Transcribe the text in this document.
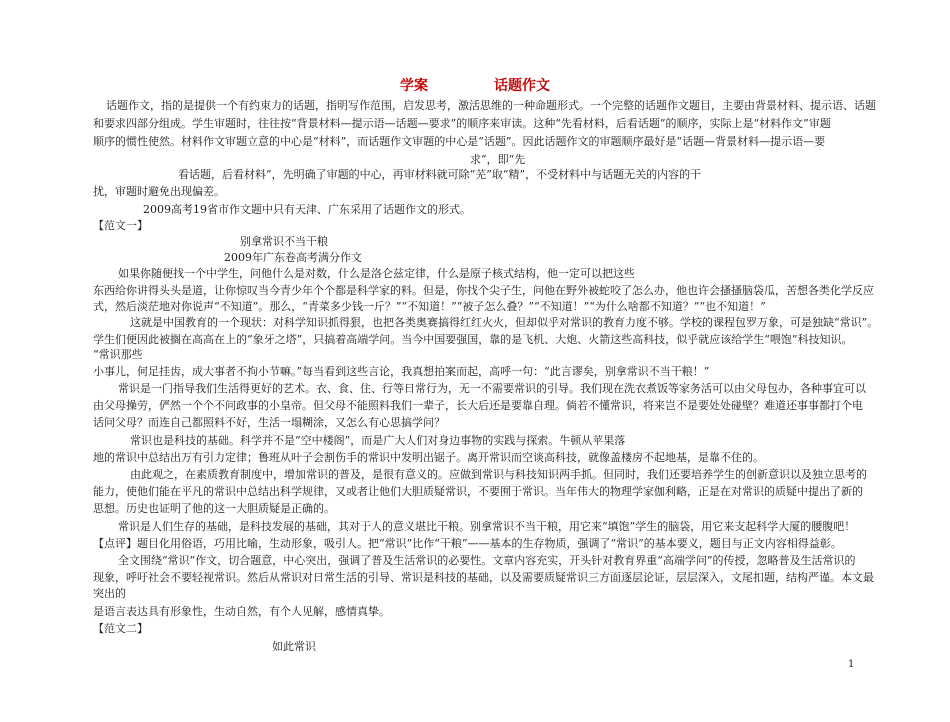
学案	话题作文
话题作文，指的是提供一个有约束力的话题，指明写作范围，启发思考，激活思维的一种命题形式。一个完整的话题作文题目，主要由背景材料、提示语、话题
和要求四部分组成。学生审题时，往往按“背景材料—提示语—话题—要求”的顺序来审读。这种“先看材料，后看话题”的顺序，实际上是“材料作文”审题
顺序的惯性使然。材料作文审题立意的中心是“材料”，而话题作文审题的中心是“话题”。因此话题作文的审题顺序最好是“话题—背景材料—提示语—要
求”，即“先
看话题，后看材料”，先明确了审题的中心，再审材料就可除“芜”取“精”，不受材料中与话题无关的内容的干
扰，审题时避免出现偏差。
2009高考19省市作文题中只有天津、广东采用了话题作文的形式。
【范文一】
别拿常识不当干粮
2009年广东卷高考满分作文
如果你随便找一个中学生，问他什么是对数，什么是洛仑兹定律，什么是原子核式结构，他一定可以把这些
东西给你讲得头头是道，让你惊叹当今青少年个个都是科学家的料。但是，你找个尖子生，问他在野外被蛇咬了怎么办，他也许会搔搔脑袋瓜，苦想各类化学反应
式，然后淡茫地对你说声“不知道”。那么，“青菜多少钱一斤？”“不知道！”“被子怎么叠？”“不知道！”“为什么啥都不知道？”“也不知道！”
这就是中国教育的一个现状：对科学知识抓得狠，也把各类奥赛搞得红红火火，但却似乎对常识的教育力度不够。学校的课程包罗万象，可是独缺“常识”。
学生们便因此被搁在高高在上的“象牙之塔”，只搞着高端学问。当今中国要强国，靠的是飞机、大炮、火箭这些高科技，似乎就应该给学生“喂饱”科技知识。
“常识那些
小事儿，何足挂齿，成大事者不拘小节嘛。”每当看到这些言论，我真想拍案而起，高呼一句：“此言谬矣，别拿常识不当干粮！”
常识是一门指导我们生活得更好的艺术。衣、食、住、行等日常行为，无一不需要常识的引导。我们现在洗衣煮饭等家务活可以由父母包办，各种事宜可以
由父母操劳，俨然一个个不问政事的小皇帝。但父母不能照料我们一辈子，长大后还是要靠自理。倘若不懂常识，将来岂不是要处处碰壁？难道还事事都打个电
话问父母？而连自己都照料不好，生活一塌糊涂，又怎么有心思搞学问？
常识也是科技的基础。科学并不是“空中楼阁”，而是广大人们对身边事物的实践与探索。牛顿从苹果落
地的常识中总结出万有引力定律；鲁班从叶子会割伤手的常识中发明出锯子。离开常识而空谈高科技，就像盖楼房不起地基，是靠不住的。
由此观之，在素质教育制度中，增加常识的普及，是很有意义的。应做到常识与科技知识两手抓。但同时，我们还要培养学生的创新意识以及独立思考的
能力，使他们能在平凡的常识中总结出科学规律，又或者让他们大胆质疑常识，不要囿于常识。当年伟大的物理学家伽利略，正是在对常识的质疑中提出了新的
思想。历史也证明了他的这一大胆质疑是正确的。
常识是人们生存的基础，是科技发展的基础，其对于人的意义堪比干粮。别拿常识不当干粮，用它来“填饱”学生的脑袋，用它来支起科学大厦的腰腹吧！
【点评】题目化用俗语，巧用比喻，生动形象，吸引人。把“常识”比作“干粮”——基本的生存物质，强调了“常识”的基本要义，题目与正文内容相得益彰。
全文围绕“常识”作文，切合题意，中心突出，强调了普及生活常识的必要性。文章内容充实，开头针对教育界重“高端学问”的传授，忽略普及生活常识的
现象，呼吁社会不要轻视常识。然后从常识对日常生活的引导、常识是科技的基础，以及需要质疑常识三方面逐层论证，层层深入，文尾扣题，结构严谨。本文最
突出的
是语言表达具有形象性，生动自然，有个人见解，感情真挚。
【范文二】
如此常识
1
